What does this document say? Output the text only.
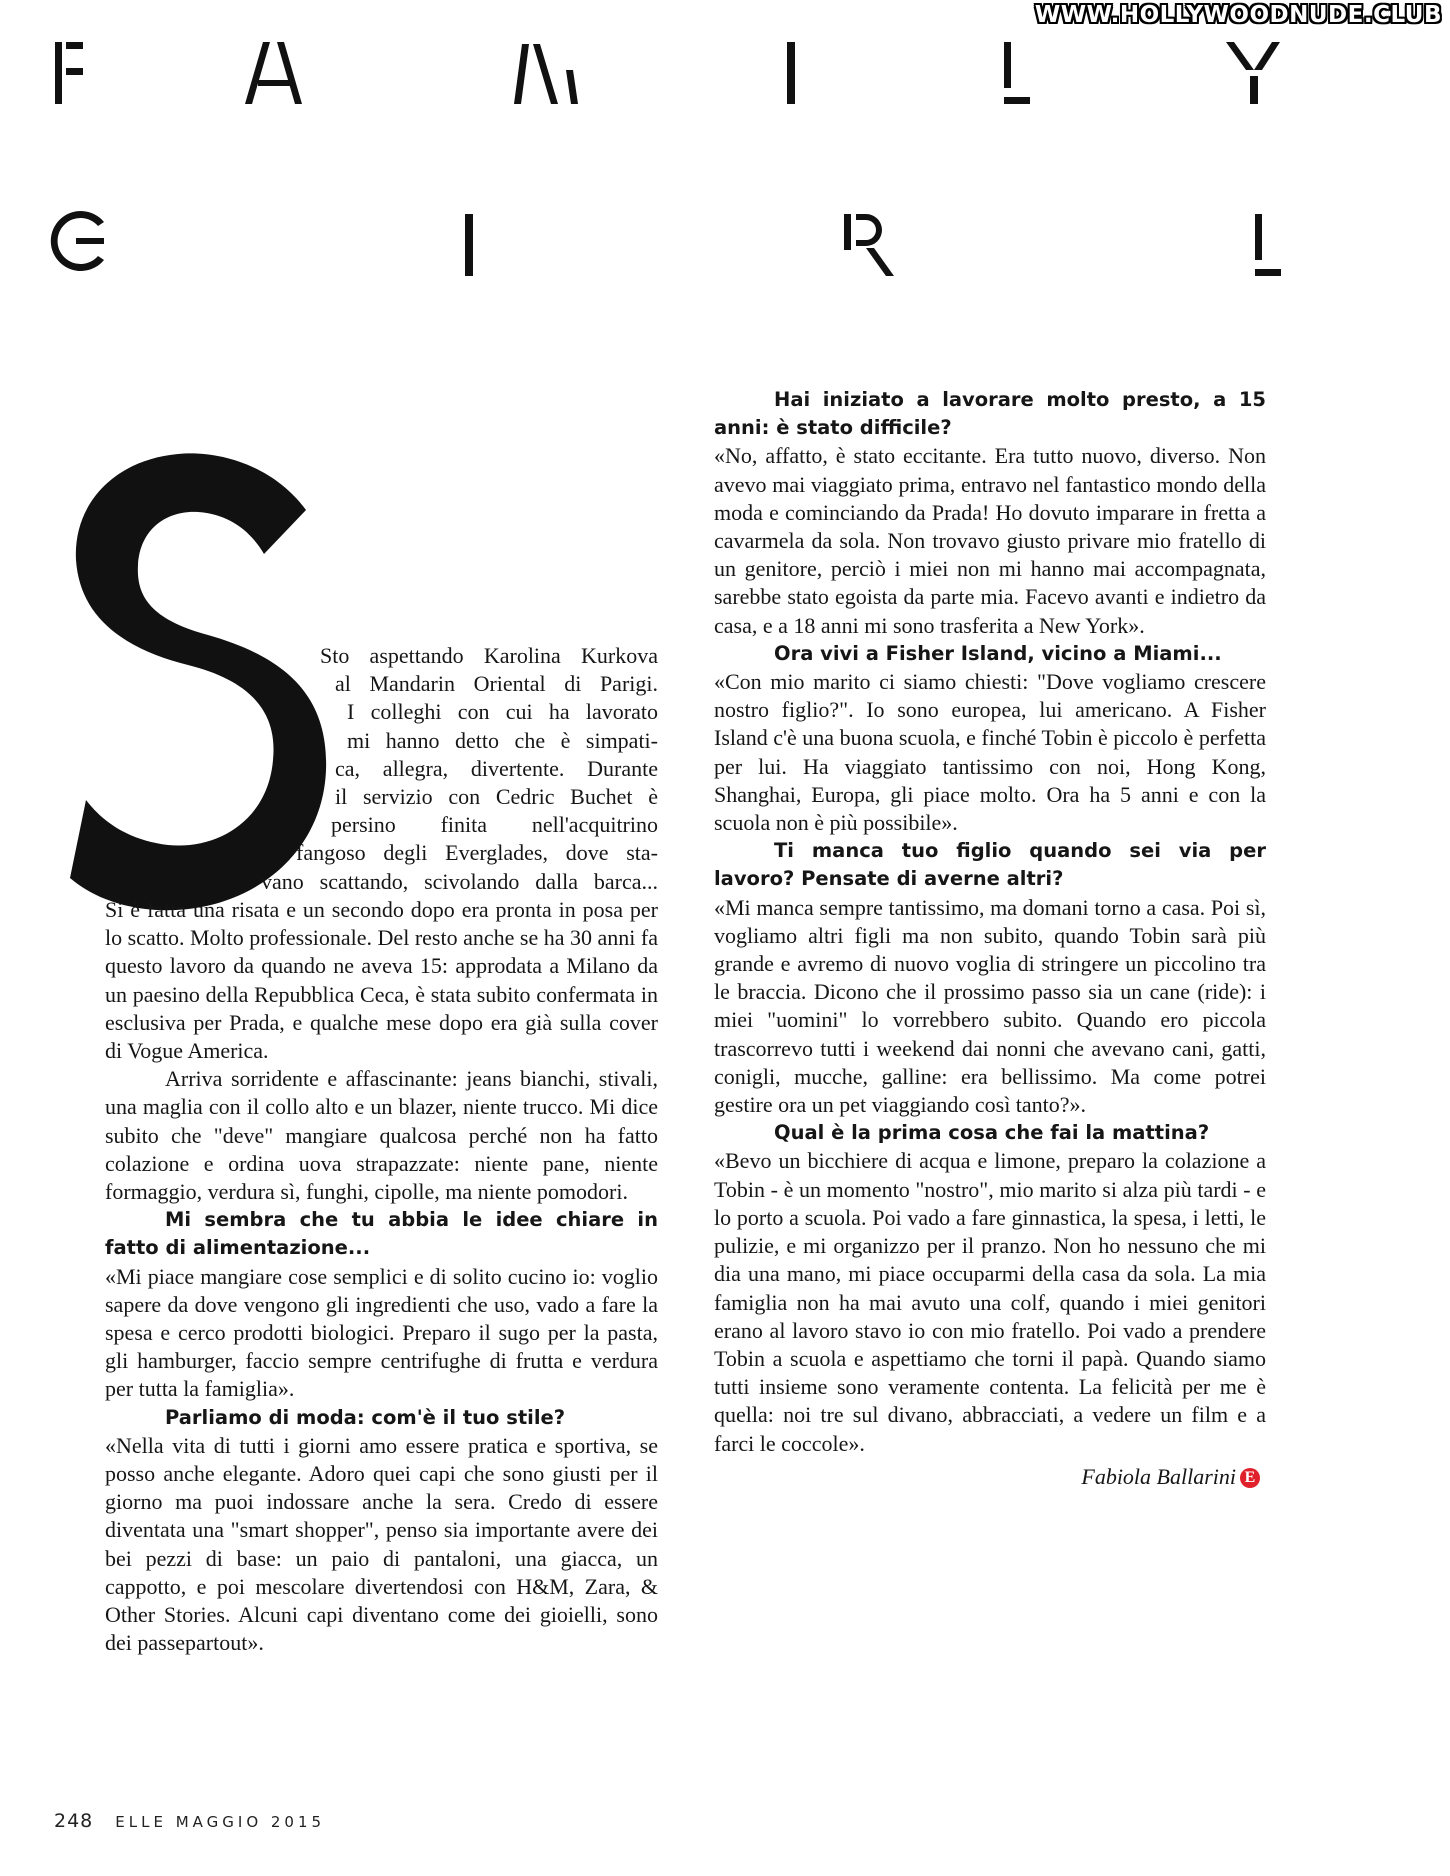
WWW.HOLLYWOODNUDE.CLUB
Sto aspettando Karolina Kurkova
al Mandarin Oriental di Parigi.
I colleghi con cui ha lavorato
mi hanno detto che è simpati-
ca, allegra, divertente. Durante
il servizio con Cedric Buchet è
persino finita nell'acquitrino
fangoso degli Everglades, dove sta-
vano scattando, scivolando dalla barca...

Si è fatta una risata e un secondo dopo era pronta in posa per lo scatto. Molto professionale. Del resto anche se ha 30 anni fa questo lavoro da quando ne aveva 15: approdata a Milano da un paesino della Repubblica Ceca, è stata subito confermata in esclusiva per Prada, e qualche mese dopo era già sulla cover di Vogue America.

Arriva sorridente e affascinante: jeans bianchi, stivali, una maglia con il collo alto e un blazer, niente trucco. Mi dice subito che "deve" mangiare qualcosa perché non ha fatto colazione e ordina uova strapazzate: niente pane, niente formaggio, verdura sì, funghi, cipolle, ma niente pomodori.

Mi sembra che tu abbia le idee chiare in fatto di alimentazione...

«Mi piace mangiare cose semplici e di solito cucino io: voglio sapere da dove vengono gli ingredienti che uso, vado a fare la spesa e cerco prodotti biologici. Preparo il sugo per la pasta, gli hamburger, faccio sempre centrifughe di frutta e verdura per tutta la famiglia».

Parliamo di moda: com'è il tuo stile?

«Nella vita di tutti i giorni amo essere pratica e sportiva, se posso anche elegante. Adoro quei capi che sono giusti per il giorno ma puoi indossare anche la sera. Credo di essere diventata una "smart shopper", penso sia importante avere dei bei pezzi di base: un paio di pantaloni, una giacca, un cappotto, e poi mescolare divertendosi con H&M, Zara, & Other Stories. Alcuni capi diventano come dei gioielli, sono dei passepartout».

Hai iniziato a lavorare molto presto, a 15 anni: è stato difficile?

«No, affatto, è stato eccitante. Era tutto nuovo, diverso. Non avevo mai viaggiato prima, entravo nel fantastico mondo della moda e cominciando da Prada! Ho dovuto imparare in fretta a cavarmela da sola. Non trovavo giusto privare mio fratello di un genitore, perciò i miei non mi hanno mai accompagnata, sarebbe stato egoista da parte mia. Facevo avanti e indietro da casa, e a 18 anni mi sono trasferita a New York».

Ora vivi a Fisher Island, vicino a Miami...

«Con mio marito ci siamo chiesti: "Dove vogliamo crescere nostro figlio?". Io sono europea, lui americano. A Fisher Island c'è una buona scuola, e finché Tobin è piccolo è perfetta per lui. Ha viaggiato tantissimo con noi, Hong Kong, Shanghai, Europa, gli piace molto. Ora ha 5 anni e con la scuola non è più possibile».

Ti manca tuo figlio quando sei via per lavoro? Pensate di averne altri?

«Mi manca sempre tantissimo, ma domani torno a casa. Poi sì, vogliamo altri figli ma non subito, quando Tobin sarà più grande e avremo di nuovo voglia di stringere un piccolino tra le braccia. Dicono che il prossimo passo sia un cane (ride): i miei "uomini" lo vorrebbero subito. Quando ero piccola trascorrevo tutti i weekend dai nonni che avevano cani, gatti, conigli, mucche, galline: era bellissimo. Ma come potrei gestire ora un pet viaggiando così tanto?».

Qual è la prima cosa che fai la mattina?

«Bevo un bicchiere di acqua e limone, preparo la colazione a Tobin - è un momento "nostro", mio marito si alza più tardi - e lo porto a scuola. Poi vado a fare ginnastica, la spesa, i letti, le pulizie, e mi organizzo per il pranzo. Non ho nessuno che mi dia una mano, mi piace occuparmi della casa da sola. La mia famiglia non ha mai avuto una colf, quando i miei genitori erano al lavoro stavo io con mio fratello. Poi vado a prendere Tobin a scuola e aspettiamo che torni il papà. Quando siamo tutti insieme sono veramente contenta. La felicità per me è quella: noi tre sul divano, abbracciati, a vedere un film e a farci le coccole».

Fabiola Ballarini E
248 ELLE MAGGIO 2015
